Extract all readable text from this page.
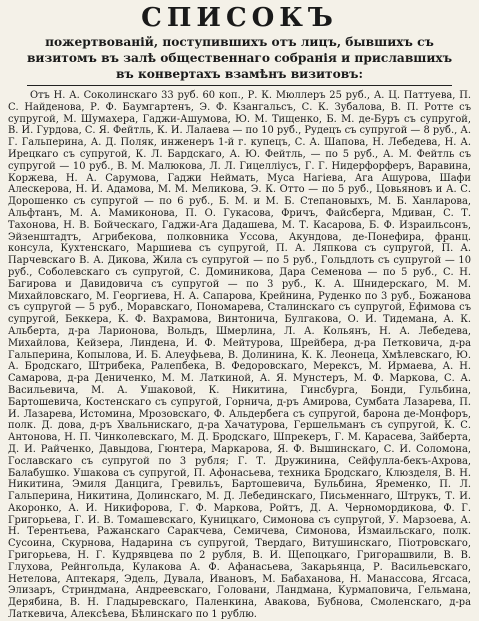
СПИСОКЪ

пожертвованій, поступившихъ отъ лицъ, бывшихъ съ визитомъ въ залѣ общественнаго собранія и приславшихъ въ конвертахъ взамѣнъ визитовъ:

Отъ Н. А. Соколинскаго 33 руб. 60 коп., Р. К. Мюллеръ 25 руб., А. Ц. Паттуева, П. С. Найденова, Р. Ф. Баумгартенъ, Э. Ф. Кзангальсъ, С. К. Зубалова, В. П. Ротте съ супругой, М. Шумахера, Гаджи-Ашумова, Ю. М. Тищенко, Б. М. де-Буръ съ супругой, В. И. Гурдова, С. Я. Фейтль, К. И. Лалаева — по 10 руб., Рудецъ съ супругой — 8 руб., А. Г. Гальперина, А. Д. Поляк, инженеръ 1-й г. купецъ, С. А. Шапова, Н. Лебедева, Н. А. Ирецкаго съ супругой, К. Л. Бардскаго, А. Ю. Фейтль, — по 5 руб., А. М. Фейтль съ супругой — 10 руб., В. М. Малюкова, Л. Л. Гицелліусъ, Г. Г. Нидерфорферъ, Варавина, Коржева, Н. А. Сарумова, Гаджи Неймать, Муса Нагіева, Ага Ашурова, Шафи Алескерова, Н. И. Адамова, М. М. Меликова, Э. К. Отто — по 5 руб., Цовьяновъ и А. С. Дорошенко съ супругой — по 6 руб., Б. М. и М. Б. Степановыхъ, М. Б. Ханларова, Альфтанъ, М. А. Мамиконова, П. О. Гукасова, Фричъ, Файсберга, Мдиван, С. Т. Тахонова, Н. В. Бойческаго, Гаджи-Ага Дадашева, М. Т. Касарова, Б. Ф. Израильсонъ, Эйзенштадтъ, Агрибекова, полковника Уссова, Акундова, де-Понефира, франц. консула, Кухтенскаго, Маршиева съ супругой, П. А. Ляпкова съ супругой, П. А. Парчевскаго В. А. Дикова, Жила съ супругой — по 5 руб., Гольдлоть съ супругой — 10 руб., Соболевскаго съ супругой, С. Доминикова, Дара Семенова — по 5 руб., С. Н. Багирова и Давидовича съ супругой — по 3 руб., К. А. Шнидерскаго, М. М. Михайловскаго, М. Георгиева, Н. А. Сапарова, Крейнина, Руденко по 3 руб., Божанова съ супругой — 5 руб., Моравскаго, Пономарева, Сталинскаго съ супругой, Ефимова съ супругой, Беккера, К. Ф. Вахрамова, Винтонича, Булгакова, О. И. Тидемана, А. К. Альберта, д-ра Ларионова, Вольдъ, Шмерлина, Л. А. Кольянъ, Н. А. Лебедева, Михайлова, Кейзера, Линдена, И. Ф. Мейтурова, Шрейбера, д-ра Петковича, д-ра Гальперина, Копылова, И. Б. Алеуфьева, В. Долинина, К. К. Леонеца, Хмѣлевскаго, Ю. А. Бродскаго, Штрибека, Ралепбека, В. Федоровскаго, Мерексъ, М. Ирмаева, А. Н. Самарова, д-ра Дениченко, М. М. Латкиной, А. Я. Мунстеръ, М. Ф. Маркова, С. А. Васильевича, М. А. Ушаковой, К. Никитина, Гинсбурга, Бонди, Гульбина, Бартошевича, Костенскаго съ супругой, Горнича, д-ръ Амирова, Сумбата Лазарева, П. И. Лазарева, Истомина, Мрозовскаго, Ф. Альдербега съ супругой, барона де-Монфоръ, полк. Д. дова, д-ръ Хвальнискаго, д-ра Хачатурова, Гершельманъ съ супругой, К. С. Антонова, Н. П. Чинколевскаго, М. Д. Бродскаго, Шпрекеръ, Г. М. Карасева, Зайберта, Д. И. Райченко, Давыдова, Гюнтера, Маркарова, Я. Ф. Вышинскаго, С. И. Соломона, Гославскаго съ супругой по 3 рубля; Г. Т. Дружинина, Сейфулла-бекъ-Ахрова, Балабушко. Ушакова съ супругой, П. Афонасьева, техника Бродскаго, Клюзделя, В. Н. Никитина, Эмиля Данцига, Гревильъ, Бартошевича, Бульбина, Яременко, П. Л. Гальперина, Никитина, Долинскаго, М. Д. Лебединскаго, Письменнаго, Штрукъ, Т. И. Акоронко, А. И. Никифорова, Г. Ф. Маркова, Ройтъ, Д. А. Черномордикова, Ф. Г. Григорьева, Г. И. В. Томашевскаго, Куницкаго, Симонова съ супругой, У. Марзоева, А. Н. Терентьева, Ражанскаго Саракчева, Семичева, Симонова, Измаильскаго, полк. Сусоина, Скурнова, Надарина съ супругой, Твердаго, Витушинскаго, Піотровскаго, Григорьева, Н. Г. Кудрявцева по 2 рубля, В. И. Щепоцкаго, Григорашвили, В. В. Глухова, Рейнгольда, Кулакова А. Ф. Афанасьева, Закарьянца, Р. Васильевскаго, Нетелова, Аптекаря, Эдель, Дувала, Ивановъ, М. Бабаханова, Н. Манассова, Ягсаса, Элизаръ, Стриндмана, Андреевскаго, Головани, Ландмана, Курмаповича, Гельмана, Дерябина, В. Н. Гладыревскаго, Паленкина, Авакова, Бубнова, Смоленскаго, д-ра Латкевича, Алексѣева, Бѣлинскаго по 1 рублю.
